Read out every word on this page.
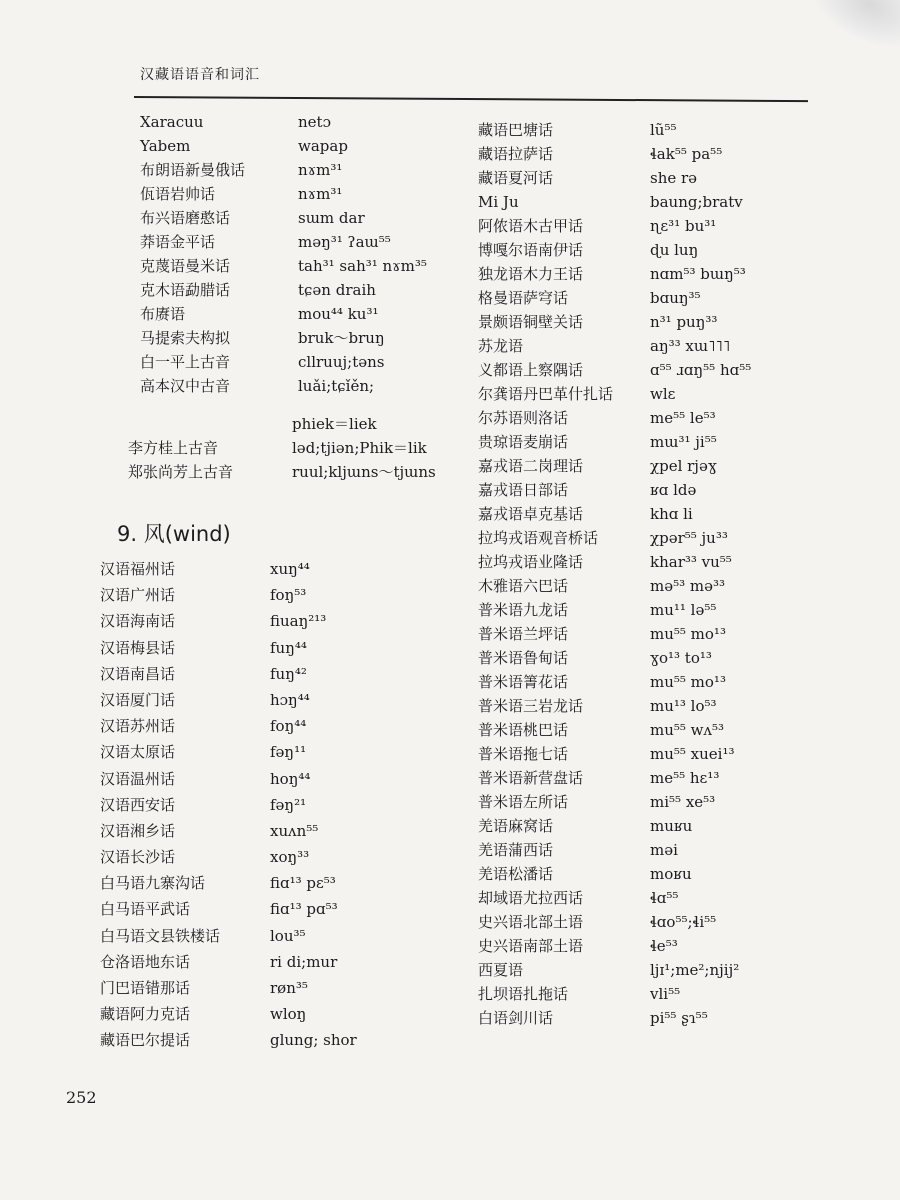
汉藏语语音和词汇
Xaracuu
Yabem
布朗语新曼俄话
佤语岩帅话
布兴语磨憨话
莽语金平话
克蔑语曼米话
克木语勐腊话
布赓语
马提索夫构拟
白一平上古音
高本汉中古音
netɔ
wapap
nɤm³¹
nɤm³¹
sɯm dar
məŋ³¹ ʔaɯ⁵⁵
tah³¹ sah³¹ nɤm³⁵
tɕən draih
mou⁴⁴ ku³¹
bruk～bruŋ
cllruuj;tənѕ
luǎi;tɕǐěn;
李方桂上古音
郑张尚芳上古音
phiek＝liek
ləd;tjiən;Phik＝lik
ruul;kljɯns～tjɯns
9. 风(wind)
汉语福州话
汉语广州话
汉语海南话
汉语梅县话
汉语南昌话
汉语厦门话
汉语苏州话
汉语太原话
汉语温州话
汉语西安话
汉语湘乡话
汉语长沙话
白马语九寨沟话
白马语平武话
白马语文县铁楼话
仓洛语地东话
门巴语错那话
藏语阿力克话
藏语巴尔提话
xuŋ⁴⁴
foŋ⁵³
fiuaŋ²¹³
fuŋ⁴⁴
fuŋ⁴²
hɔŋ⁴⁴
foŋ⁴⁴
fəŋ¹¹
hoŋ⁴⁴
fəŋ²¹
xuʌn⁵⁵
xoŋ³³
fiɑ¹³ pɛ⁵³
fiɑ¹³ pɑ⁵³
lou³⁵
ri di;mur
røn³⁵
wloŋ
glung; shor
藏语巴塘话
藏语拉萨话
藏语夏河话
Mi Ju
阿侬语木古甲话
博嘎尔语南伊话
独龙语木力王话
格曼语萨穹话
景颇语铜壁关话
苏龙语
义都语上察隅话
尔龚语丹巴革什扎话
尔苏语则洛话
贵琼语麦崩话
嘉戎语二岗理话
嘉戎语日部话
嘉戎语卓克基话
拉坞戎语观音桥话
拉坞戎语业隆话
木雅语六巴话
普米语九龙话
普米语兰坪话
普米语鲁甸话
普米语箐花话
普米语三岩龙话
普米语桃巴话
普米语拖七话
普米语新营盘话
普米语左所话
羌语麻窝话
羌语蒲西话
羌语松潘话
却域语尤拉西话
史兴语北部土语
史兴语南部土语
西夏语
扎坝语扎拖话
白语剑川话
lũ⁵⁵
ɬak⁵⁵ pa⁵⁵
she rə
baung;bratv
ɳɛ³¹ bu³¹
ɖu luŋ
nɑm⁵³ bɯŋ⁵³
bɑuŋ³⁵
n³¹ puŋ³³
aŋ³³ xɯ˥˥˥
ɑ⁵⁵ ɹɑŋ⁵⁵ hɑ⁵⁵
wlɛ
me⁵⁵ le⁵³
mɯ³¹ ji⁵⁵
χpel rjəɣ
ʁɑ ldə
khɑ li
χpər⁵⁵ ju³³
khar³³ vu⁵⁵
mə⁵³ mə³³
mu¹¹ lə⁵⁵
mu⁵⁵ mo¹³
ɣo¹³ to¹³
mu⁵⁵ mo¹³
mu¹³ lo⁵³
mu⁵⁵ wʌ⁵³
mu⁵⁵ xuei¹³
me⁵⁵ hɛ¹³
mi⁵⁵ xe⁵³
muʁu
məi
moʁu
ɬɑ⁵⁵
ɬɑo⁵⁵;ɬi⁵⁵
ɬe⁵³
ljɪ¹;me²;njij²
vli⁵⁵
pi⁵⁵ ʂɿ⁵⁵
252
